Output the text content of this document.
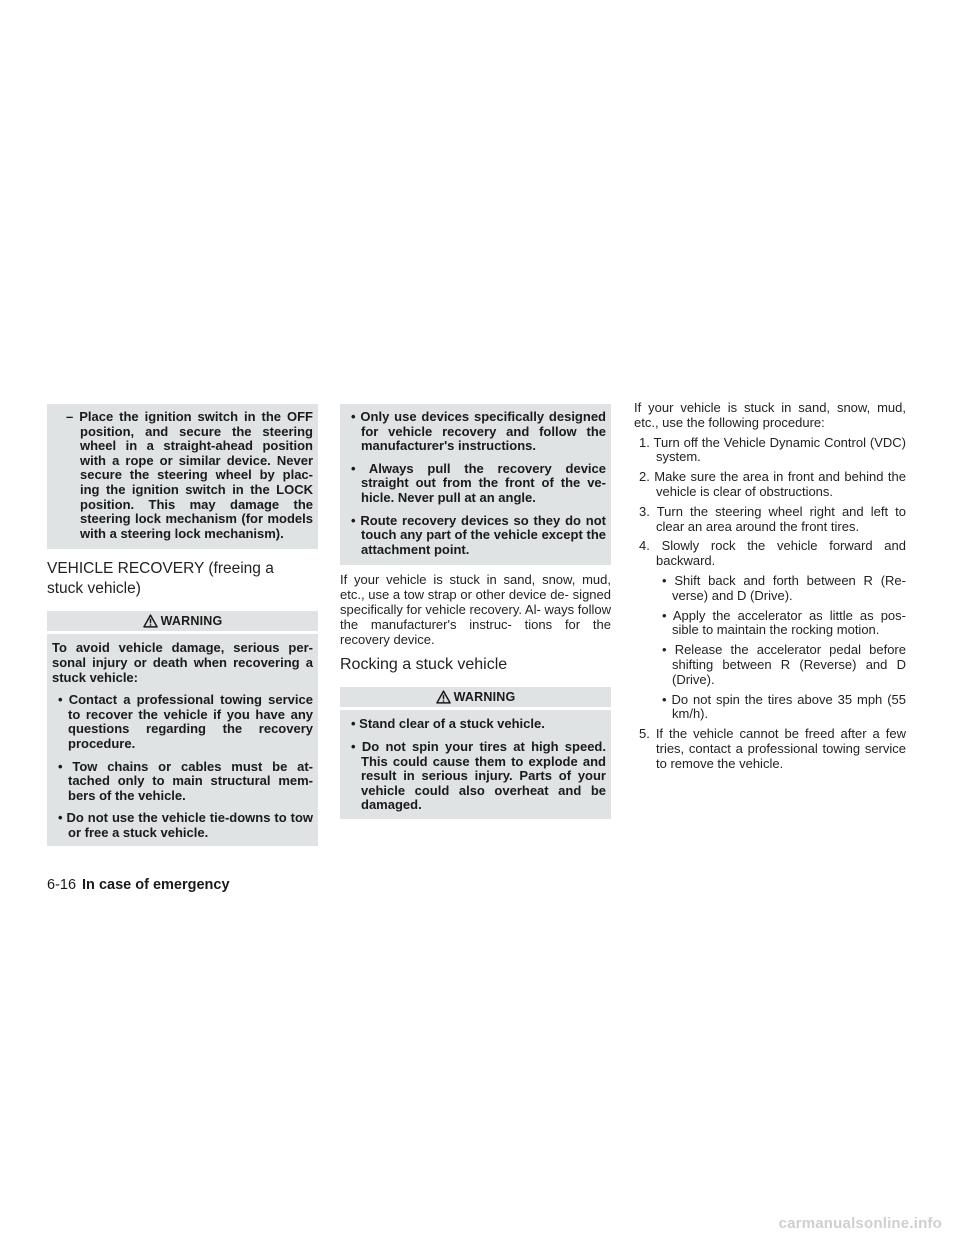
– Place the ignition switch in the OFF position, and secure the steering wheel in a straight-ahead position with a rope or similar device. Never secure the steering wheel by plac- ing the ignition switch in the LOCK position. This may damage the steering lock mechanism (for models with a steering lock mechanism).
VEHICLE RECOVERY (freeing a stuck vehicle)
WARNING
To avoid vehicle damage, serious per- sonal injury or death when recovering a stuck vehicle:
• Contact a professional towing service to recover the vehicle if you have any questions regarding the recovery procedure.
• Tow chains or cables must be at- tached only to main structural mem- bers of the vehicle.
• Do not use the vehicle tie-downs to tow or free a stuck vehicle.
• Only use devices specifically designed for vehicle recovery and follow the manufacturer's instructions.
• Always pull the recovery device straight out from the front of the ve- hicle. Never pull at an angle.
• Route recovery devices so they do not touch any part of the vehicle except the attachment point.

If your vehicle is stuck in sand, snow, mud, etc., use a tow strap or other device de- signed specifically for vehicle recovery. Al- ways follow the manufacturer's instruc- tions for the recovery device.

Rocking a stuck vehicle
WARNING
• Stand clear of a stuck vehicle.
• Do not spin your tires at high speed. This could cause them to explode and result in serious injury. Parts of your vehicle could also overheat and be damaged.

If your vehicle is stuck in sand, snow, mud, etc., use the following procedure:

1. Turn off the Vehicle Dynamic Control (VDC) system.
2. Make sure the area in front and behind the vehicle is clear of obstructions.
3. Turn the steering wheel right and left to clear an area around the front tires.
4. Slowly rock the vehicle forward and backward.
• Shift back and forth between R (Re- verse) and D (Drive).
• Apply the accelerator as little as pos- sible to maintain the rocking motion.
• Release the accelerator pedal before shifting between R (Reverse) and D (Drive).
• Do not spin the tires above 35 mph (55 km/h).
5. If the vehicle cannot be freed after a few tries, contact a professional towing service to remove the vehicle.
6-16 In case of emergency
carmanualsonline.info
